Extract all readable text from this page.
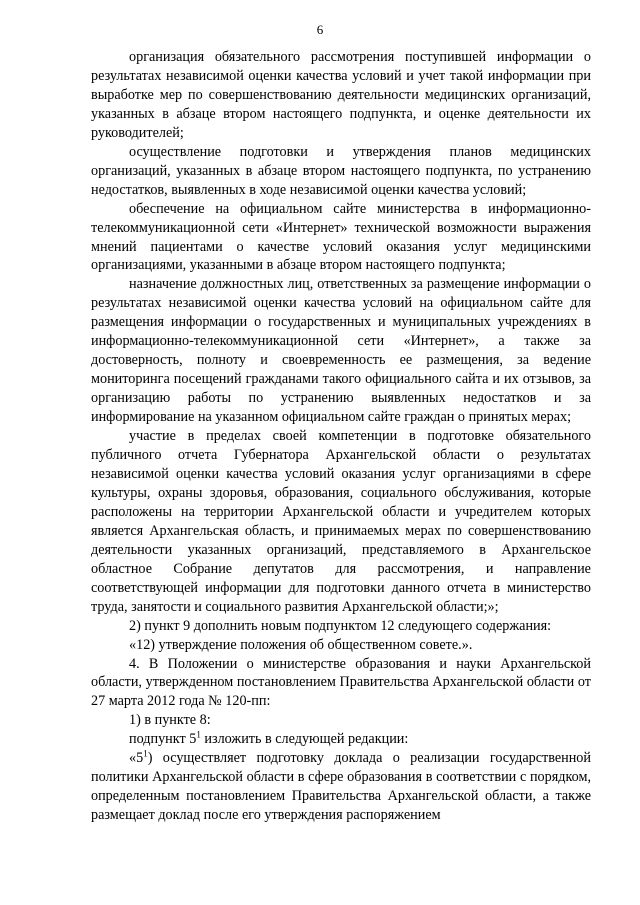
6

организация обязательного рассмотрения поступившей информации о результатах независимой оценки качества условий и учет такой информации при выработке мер по совершенствованию деятельности медицинских организаций, указанных в абзаце втором настоящего подпункта, и оценке деятельности их руководителей;

осуществление подготовки и утверждения планов медицинских организаций, указанных в абзаце втором настоящего подпункта, по устранению недостатков, выявленных в ходе независимой оценки качества условий;

обеспечение на официальном сайте министерства в информационно-телекоммуникационной сети «Интернет» технической возможности выражения мнений пациентами о качестве условий оказания услуг медицинскими организациями, указанными в абзаце втором настоящего подпункта;

назначение должностных лиц, ответственных за размещение информации о результатах независимой оценки качества условий на официальном сайте для размещения информации о государственных и муниципальных учреждениях в информационно-телекоммуникационной сети «Интернет», а также за достоверность, полноту и своевременность ее размещения, за ведение мониторинга посещений гражданами такого официального сайта и их отзывов, за организацию работы по устранению выявленных недостатков и за информирование на указанном официальном сайте граждан о принятых мерах;

участие в пределах своей компетенции в подготовке обязательного публичного отчета Губернатора Архангельской области о результатах независимой оценки качества условий оказания услуг организациями в сфере культуры, охраны здоровья, образования, социального обслуживания, которые расположены на территории Архангельской области и учредителем которых является Архангельская область, и принимаемых мерах по совершенствованию деятельности указанных организаций, представляемого в Архангельское областное Собрание депутатов для рассмотрения, и направление соответствующей информации для подготовки данного отчета в министерство труда, занятости и социального развития Архангельской области;»;

2) пункт 9 дополнить новым подпунктом 12 следующего содержания:

«12) утверждение положения об общественном совете.».

4. В Положении о министерстве образования и науки Архангельской области, утвержденном постановлением Правительства Архангельской области от 27 марта 2012 года № 120-пп:

1) в пункте 8:

подпункт $5^1$ изложить в следующей редакции:

«$5^1$) осуществляет подготовку доклада о реализации государственной политики Архангельской области в сфере образования в соответствии с порядком, определенным постановлением Правительства Архангельской области, а также размещает доклад после его утверждения распоряжением
